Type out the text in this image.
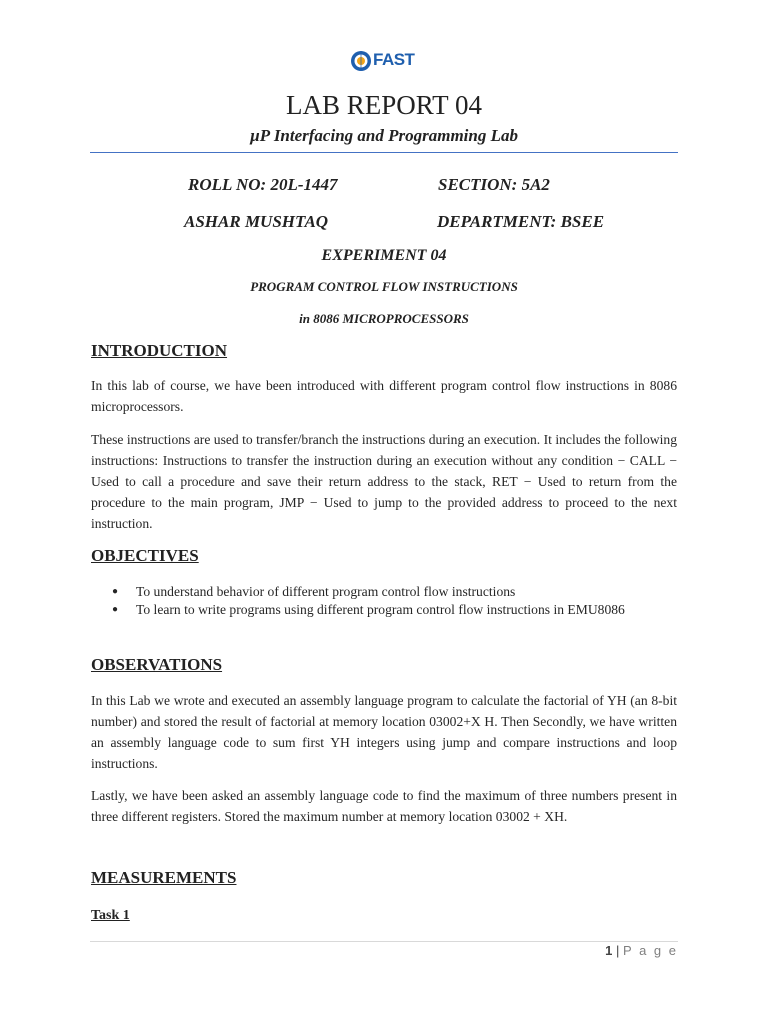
FAST
LAB REPORT 04
µP Interfacing and Programming Lab
ROLL NO: 20L-1447	SECTION: 5A2
ASHAR MUSHTAQ	DEPARTMENT: BSEE
EXPERIMENT 04
PROGRAM CONTROL FLOW INSTRUCTIONS
in 8086 MICROPROCESSORS
INTRODUCTION
In this lab of course, we have been introduced with different program control flow instructions in 8086 microprocessors.
These instructions are used to transfer/branch the instructions during an execution. It includes the following instructions: Instructions to transfer the instruction during an execution without any condition − CALL − Used to call a procedure and save their return address to the stack, RET − Used to return from the procedure to the main program, JMP − Used to jump to the provided address to proceed to the next instruction.
OBJECTIVES
● To understand behavior of different program control flow instructions
● To learn to write programs using different program control flow instructions in EMU8086
OBSERVATIONS
In this Lab we wrote and executed an assembly language program to calculate the factorial of YH (an 8-bit number) and stored the result of factorial at memory location 03002+X H. Then Secondly, we have written an assembly language code to sum first YH integers using jump and compare instructions and loop instructions.
Lastly, we have been asked an assembly language code to find the maximum of three numbers present in three different registers. Stored the maximum number at memory location 03002 + XH.
MEASUREMENTS
Task 1
1 | P a g e
